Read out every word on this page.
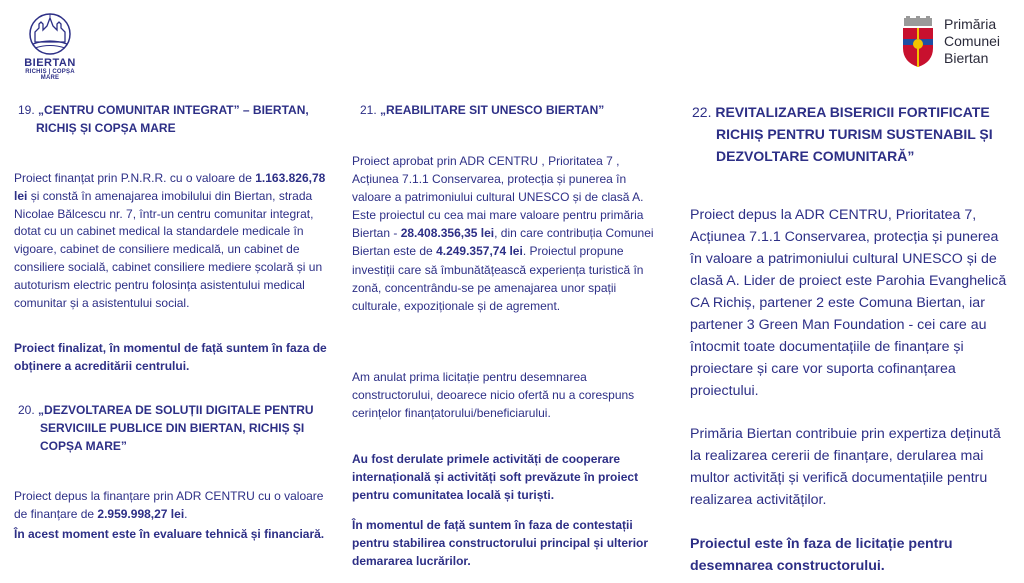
BIERTAN
RICHIȘ | COPȘA MARE
Primăria
Comunei
Biertan
19. „CENTRU COMUNITAR INTEGRAT” – BIERTAN,
RICHIȘ ȘI COPȘA MARE

Proiect finanțat prin P.N.R.R. cu o valoare de 1.163.826,78 lei și constă în amenajarea imobilului din Biertan, strada Nicolae Bălcescu nr. 7, într-un centru comunitar integrat, dotat cu un cabinet medical la standardele medicale în vigoare, cabinet de consiliere medicală, un cabinet de consiliere socială, cabinet consiliere mediere școlară și un autoturism electric pentru folosința asistentului medical comunitar și a asistentului social.

Proiect finalizat, în momentul de față suntem în faza de obținere a acreditării centrului.

20. „DEZVOLTAREA DE SOLUȚII DIGITALE PENTRU
SERVICIILE PUBLICE DIN BIERTAN, RICHIȘ ȘI
COPȘA MARE”

Proiect depus la finanțare prin ADR CENTRU cu o valoare de finanțare de 2.959.998,27 lei.

În acest moment este în evaluare tehnică și financiară.

21. „REABILITARE SIT UNESCO BIERTAN”

Proiect aprobat prin ADR CENTRU , Prioritatea 7 , Acțiunea 7.1.1 Conservarea, protecția și punerea în valoare a patrimoniului cultural UNESCO și de clasă A. Este proiectul cu cea mai mare valoare pentru primăria Biertan - 28.408.356,35 lei, din care contribuția Comunei Biertan este de 4.249.357,74 lei. Proiectul propune investiții care să îmbunătățească experiența turistică în zonă, concentrându-se pe amenajarea unor spații culturale, expoziționale și de agrement.

Am anulat prima licitație pentru desemnarea constructorului, deoarece nicio ofertă nu a corespuns cerințelor finanțatorului/beneficiarului.

Au fost derulate primele activități de cooperare internațională și activități soft prevăzute în proiect pentru comunitatea locală și turiști.

În momentul de față suntem în faza de contestații pentru stabilirea constructorului principal și ulterior demararea lucrărilor.

22. REVITALIZAREA BISERICII FORTIFICATE
RICHIȘ PENTRU TURISM SUSTENABIL ȘI
DEZVOLTARE COMUNITARĂ”

Proiect depus la ADR CENTRU, Prioritatea 7, Acțiunea 7.1.1 Conservarea, protecția și punerea în valoare a patrimoniului cultural UNESCO și de clasă A. Lider de proiect este Parohia Evanghelică CA Richiș, partener 2 este Comuna Biertan, iar partener 3 Green Man Foundation - cei care au întocmit toate documentațiile de finanțare și proiectare și care vor suporta cofinanțarea proiectului.

Primăria Biertan contribuie prin expertiza deținută la realizarea cererii de finanțare, derularea mai multor activități și verifică documentațiile pentru realizarea activităților.

Proiectul este în faza de licitație pentru desemnarea constructorului.
